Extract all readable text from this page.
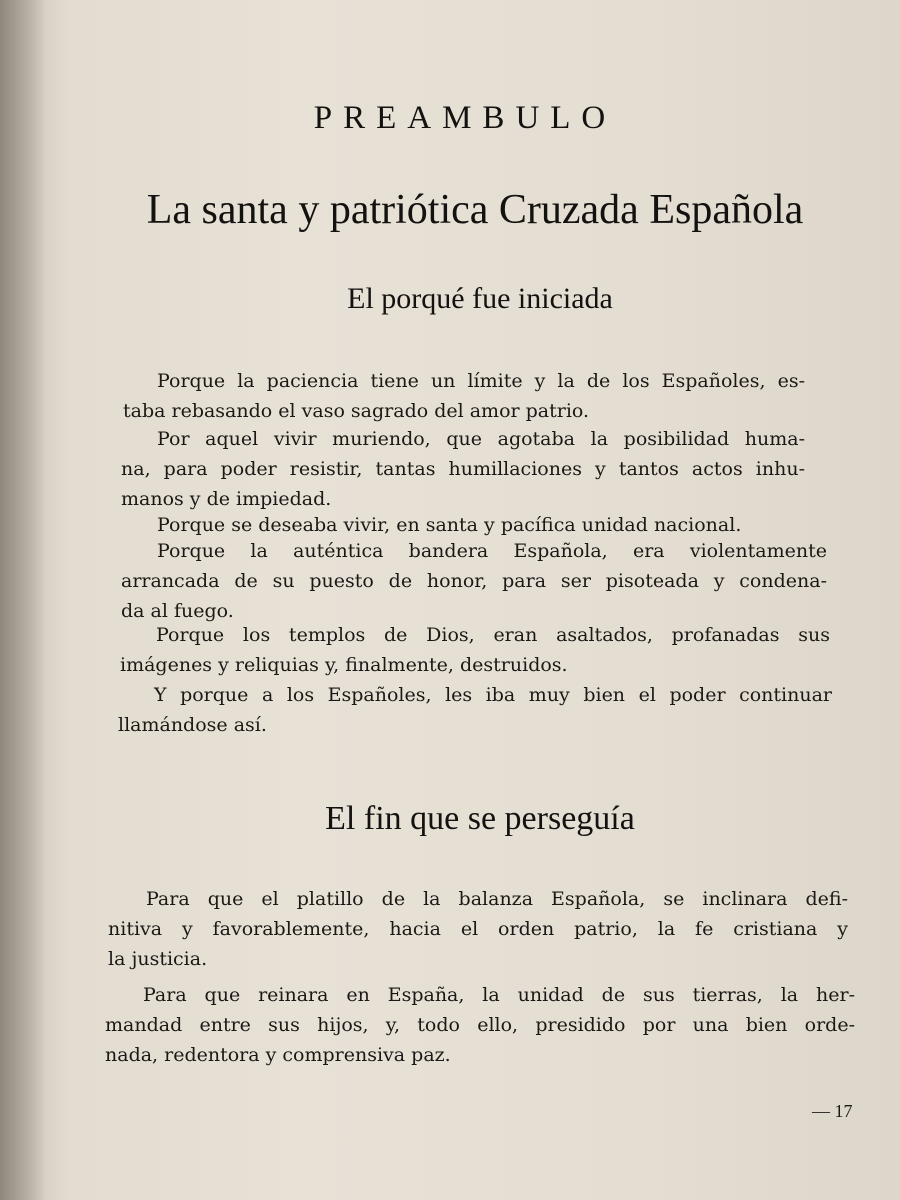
PREAMBULO
La santa y patriótica Cruzada Española
El porqué fue iniciada
Porque la paciencia tiene un límite y la de los Españoles, es-
taba rebasando el vaso sagrado del amor patrio.
Por aquel vivir muriendo, que agotaba la posibilidad huma-
na, para poder resistir, tantas humillaciones y tantos actos inhu-
manos y de impiedad.
Porque se deseaba vivir, en santa y pacífica unidad nacional.
Porque la auténtica bandera Española, era violentamente
arrancada de su puesto de honor, para ser pisoteada y condena-
da al fuego.
Porque los templos de Dios, eran asaltados, profanadas sus
imágenes y reliquias y, finalmente, destruidos.
Y porque a los Españoles, les iba muy bien el poder continuar
llamándose así.
El fin que se perseguía
Para que el platillo de la balanza Española, se inclinara defi-
nitiva y favorablemente, hacia el orden patrio, la fe cristiana y
la justicia.
Para que reinara en España, la unidad de sus tierras, la her-
mandad entre sus hijos, y, todo ello, presidido por una bien orde-
nada, redentora y comprensiva paz.
— 17
